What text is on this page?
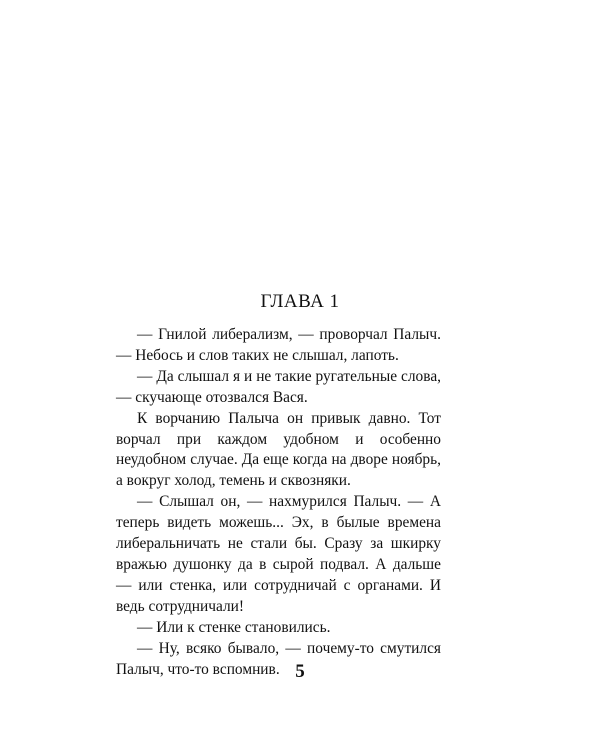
ГЛАВА 1

— Гнилой либерализм, — проворчал Палыч. — Небось и слов таких не слышал, лапоть.

— Да слышал я и не такие ругательные слова, — скучающе отозвался Вася.

К ворчанию Палыча он привык давно. Тот ворчал при каждом удобном и особенно неудобном случае. Да еще когда на дворе ноябрь, а вокруг холод, темень и сквозняки.

— Слышал он, — нахмурился Палыч. — А теперь видеть можешь... Эх, в былые времена либеральничать не стали бы. Сразу за шкирку вражью душонку да в сырой подвал. А дальше — или стенка, или сотрудничай с органами. И ведь сотрудничали!

— Или к стенке становились.

— Ну, всяко бывало, — почему-то смутился Палыч, что-то вспомнив. 5
